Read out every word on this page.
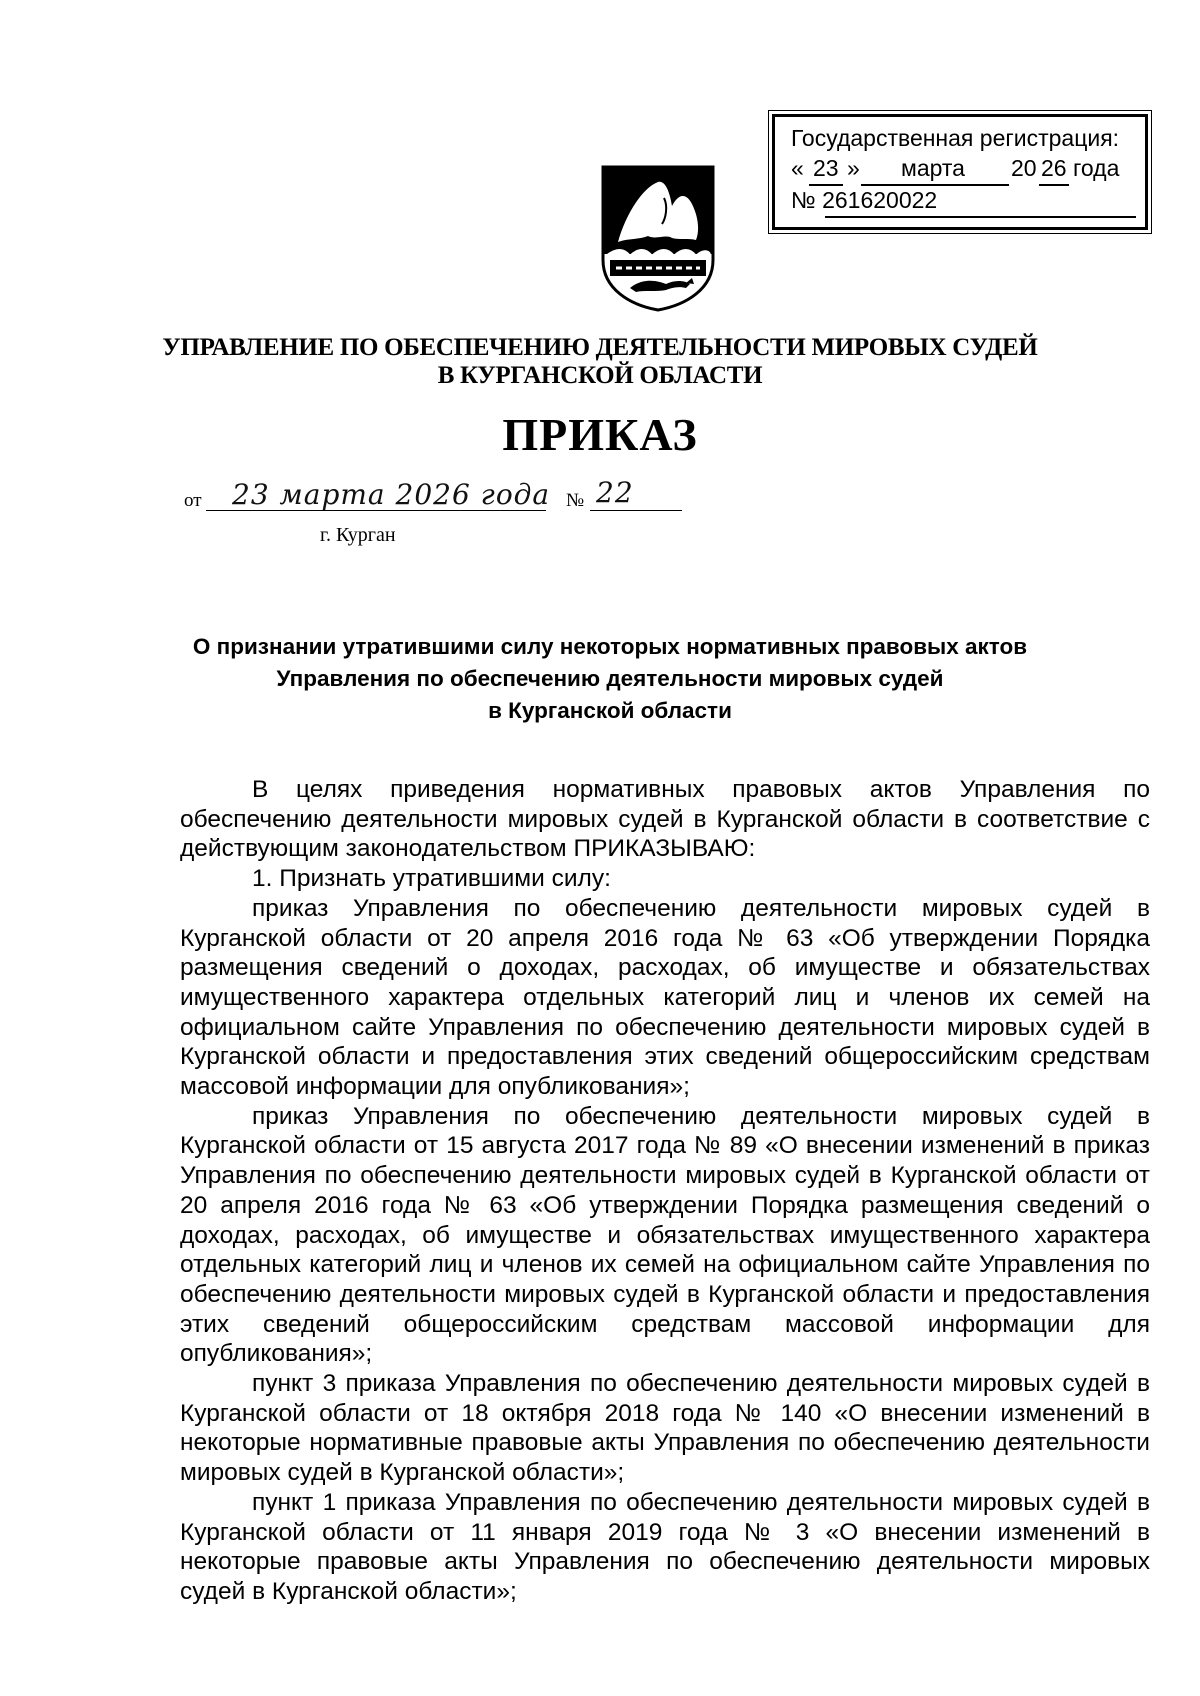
Государственная регистрация:
« 23 » марта 20 26 года
№ 261620022
УПРАВЛЕНИЕ ПО ОБЕСПЕЧЕНИЮ ДЕЯТЕЛЬНОСТИ МИРОВЫХ СУДЕЙ
В КУРГАНСКОЙ ОБЛАСТИ
ПРИКАЗ
от 23 марта 2026 года № 22
г. Курган
О признании утратившими силу некоторых нормативных правовых актов
Управления по обеспечению деятельности мировых судей
в Курганской области

В целях приведения нормативных правовых актов Управления по обеспечению деятельности мировых судей в Курганской области в соответствие с действующим законодательством ПРИКАЗЫВАЮ:

1. Признать утратившими силу:

приказ Управления по обеспечению деятельности мировых судей в Курганской области от 20 апреля 2016 года № 63 «Об утверждении Порядка размещения сведений о доходах, расходах, об имуществе и обязательствах имущественного характера отдельных категорий лиц и членов их семей на официальном сайте Управления по обеспечению деятельности мировых судей в Курганской области и предоставления этих сведений общероссийским средствам массовой информации для опубликования»;

приказ Управления по обеспечению деятельности мировых судей в Курганской области от 15 августа 2017 года № 89 «О внесении изменений в приказ Управления по обеспечению деятельности мировых судей в Курганской области от 20 апреля 2016 года № 63 «Об утверждении Порядка размещения сведений о доходах, расходах, об имуществе и обязательствах имущественного характера отдельных категорий лиц и членов их семей на официальном сайте Управления по обеспечению деятельности мировых судей в Курганской области и предоставления этих сведений общероссийским средствам массовой информации для опубликования»;

пункт 3 приказа Управления по обеспечению деятельности мировых судей в Курганской области от 18 октября 2018 года № 140 «О внесении изменений в некоторые нормативные правовые акты Управления по обеспечению деятельности мировых судей в Курганской области»;

пункт 1 приказа Управления по обеспечению деятельности мировых судей в Курганской области от 11 января 2019 года № 3 «О внесении изменений в некоторые правовые акты Управления по обеспечению деятельности мировых судей в Курганской области»;
